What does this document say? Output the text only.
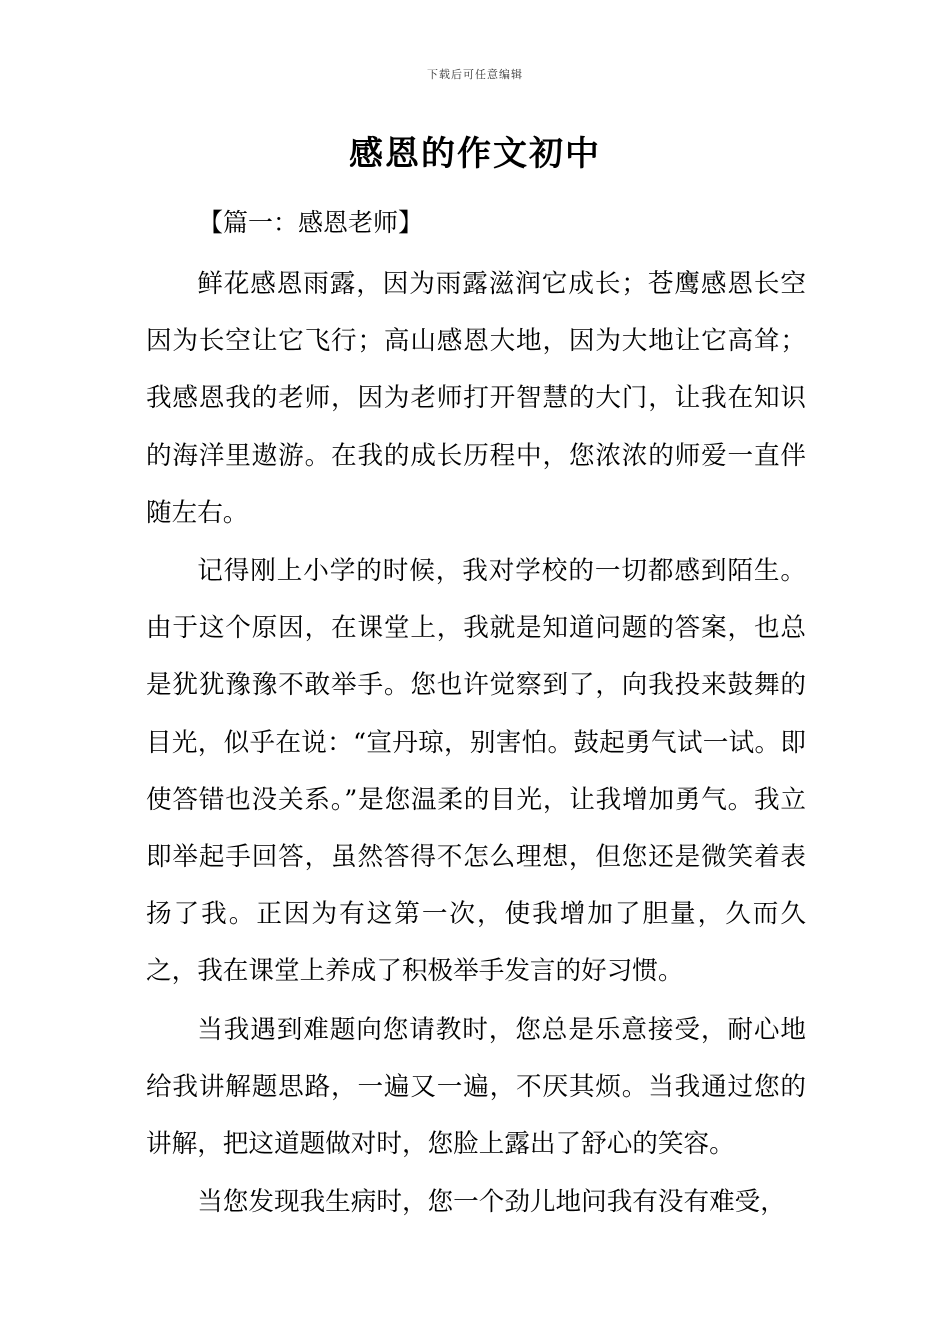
下载后可任意编辑
感恩的作文初中
【篇一：感恩老师】

鲜花感恩雨露，因为雨露滋润它成长；苍鹰感恩长空因为长空让它飞行；高山感恩大地，因为大地让它高耸；我感恩我的老师，因为老师打开智慧的大门，让我在知识的海洋里遨游。在我的成长历程中，您浓浓的师爱一直伴随左右。

记得刚上小学的时候，我对学校的一切都感到陌生。由于这个原因，在课堂上，我就是知道问题的答案，也总是犹犹豫豫不敢举手。您也许觉察到了，向我投来鼓舞的目光，似乎在说：“宣丹琼，别害怕。鼓起勇气试一试。即使答错也没关系。”是您温柔的目光，让我增加勇气。我立即举起手回答，虽然答得不怎么理想，但您还是微笑着表扬了我。正因为有这第一次，使我增加了胆量，久而久之，我在课堂上养成了积极举手发言的好习惯。

当我遇到难题向您请教时，您总是乐意接受，耐心地给我讲解题思路，一遍又一遍，不厌其烦。当我通过您的讲解，把这道题做对时，您脸上露出了舒心的笑容。

当您发现我生病时，您一个劲儿地问我有没有难受，
